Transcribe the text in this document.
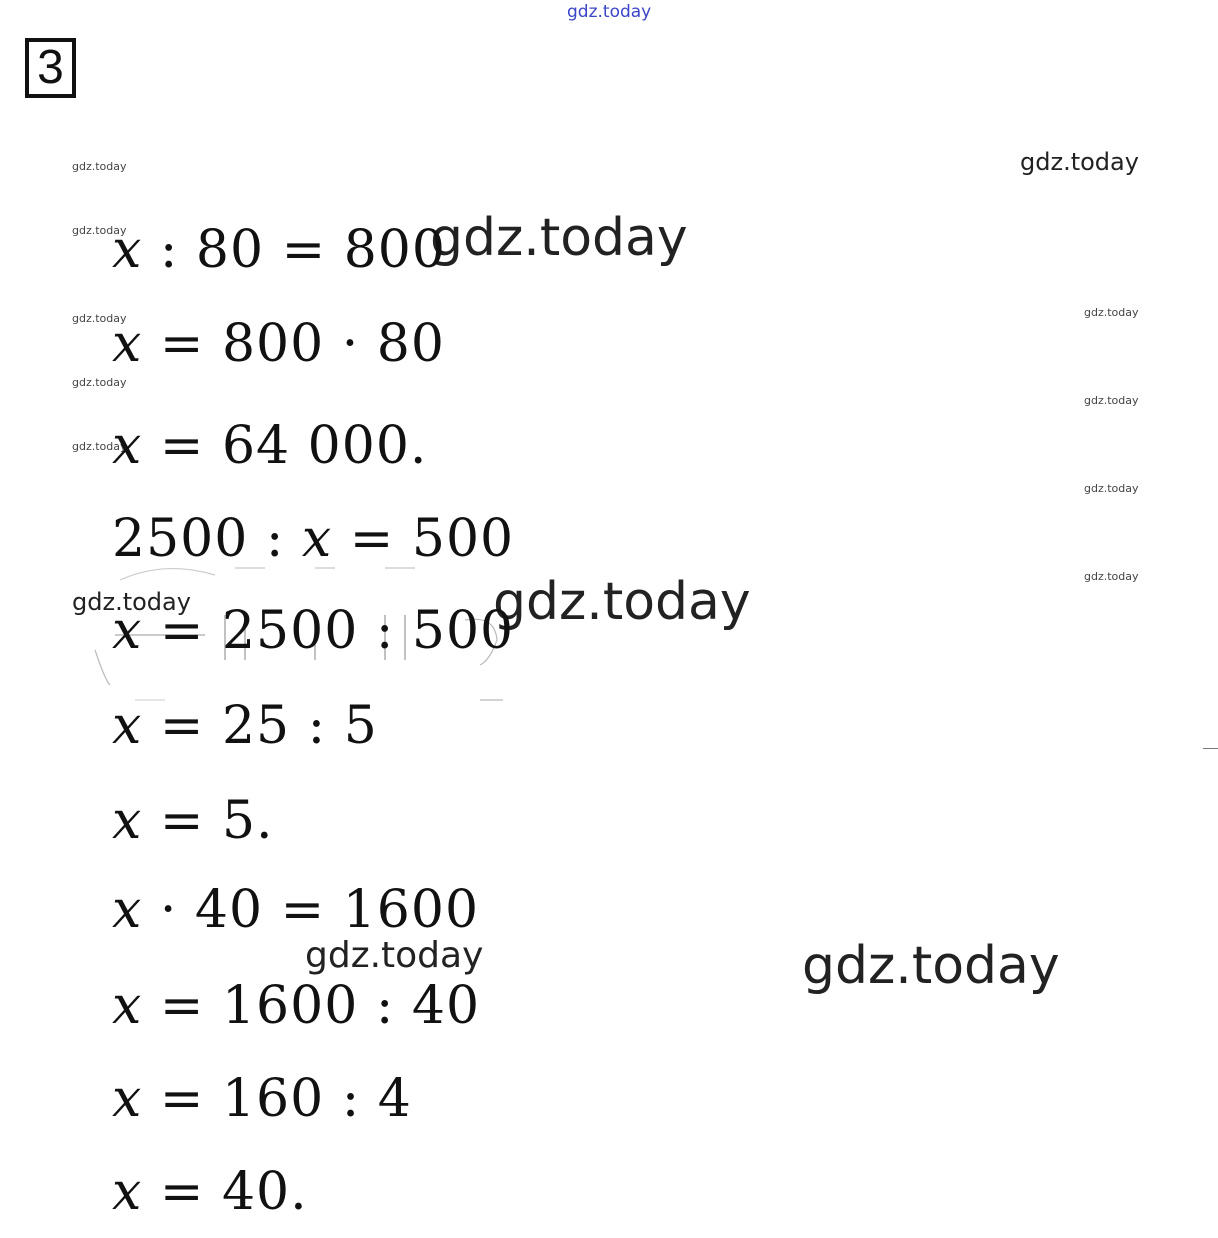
gdz.today
3
gdz.today
gdz.today
gdz.today
gdz.today
gdz.today
gdz.today
gdz.today
gdz.today
gdz.today
gdz.today
gdz.today
gdz.today
gdz.today
gdz.today
gdz.today
x : 80 = 800
x = 800 · 80
x = 64 000.
2500 : x = 500
x = 2500 : 500
x = 25 : 5
x = 5.
x · 40 = 1600
x = 1600 : 40
x = 160 : 4
x = 40.
